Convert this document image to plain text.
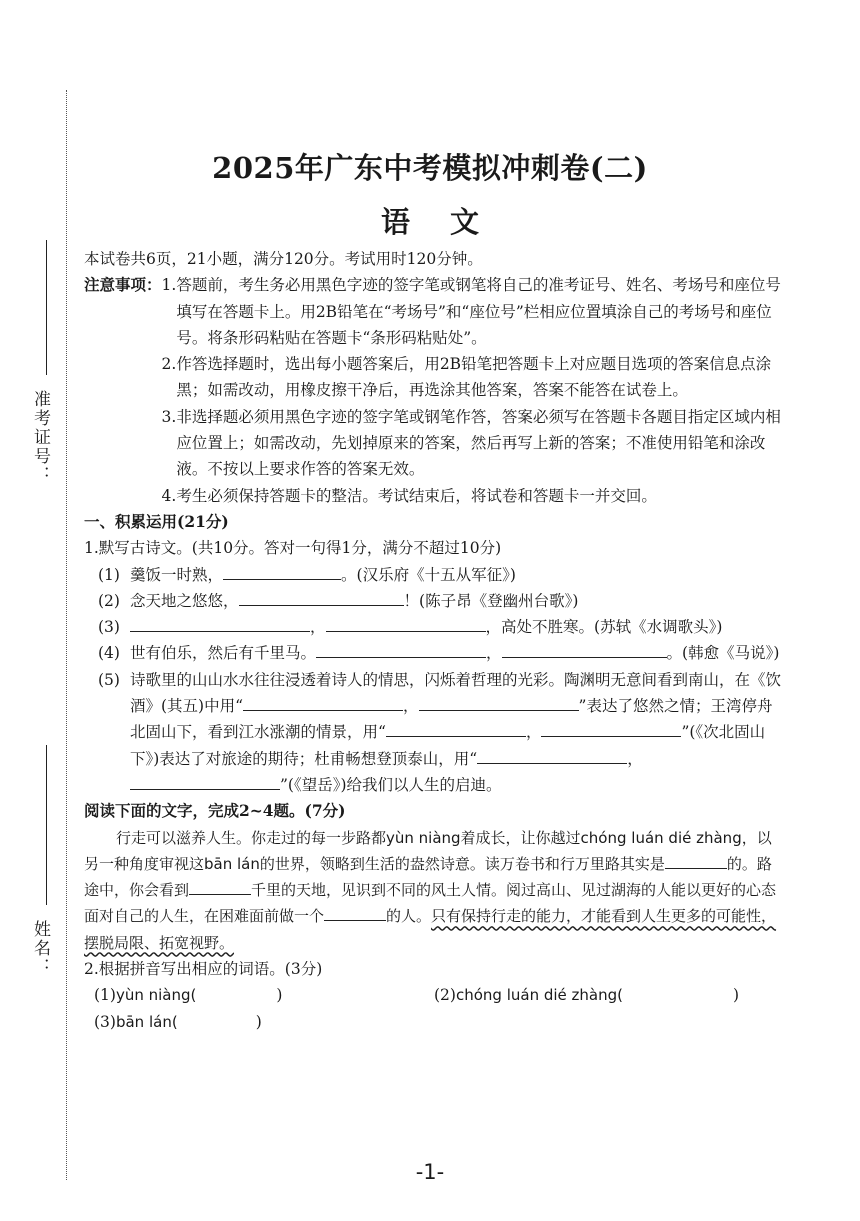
准考证号：
姓名：
2025年广东中考模拟冲刺卷(二)
语文

本试卷共6页，21小题，满分120分。考试用时120分钟。

注意事项： 1. 答题前，考生务必用黑色字迹的签字笔或钢笔将自己的准考证号、姓名、考场号和座位号填写在答题卡上。用2B铅笔在“考场号”和“座位号”栏相应位置填涂自己的考场号和座位号。将条形码粘贴在答题卡“条形码粘贴处”。
2. 作答选择题时，选出每小题答案后，用2B铅笔把答题卡上对应题目选项的答案信息点涂黑；如需改动，用橡皮擦干净后，再选涂其他答案，答案不能答在试卷上。
3. 非选择题必须用黑色字迹的签字笔或钢笔作答，答案必须写在答题卡各题目指定区域内相应位置上；如需改动，先划掉原来的答案，然后再写上新的答案；不准使用铅笔和涂改液。不按以上要求作答的答案无效。
4. 考生必须保持答题卡的整洁。考试结束后，将试卷和答题卡一并交回。

一、积累运用(21分)

1.默写古诗文。(共10分。答对一句得1分，满分不超过10分)

(1) 羹饭一时熟，	。(汉乐府《十五从军征》)
(2) 念天地之悠悠，	！(陈子昂《登幽州台歌》)
(3)	，	，高处不胜寒。(苏轼《水调歌头》)
(4) 世有伯乐，然后有千里马。	，	。(韩愈《马说》)
(5) 诗歌里的山山水水往往浸透着诗人的情思，闪烁着哲理的光彩。陶渊明无意间看到南山，在《饮酒》(其五)中用“	，	”表达了悠然之情；王湾停舟北固山下，看到江水涨潮的情景，用“	，	”(《次北固山下》)表达了对旅途的期待；杜甫畅想登顶泰山，用“	，”(《望岳》)给我们以人生的启迪。

阅读下面的文字，完成2~4题。(7分)

行走可以滋养人生。你走过的每一步路都yùn niàng着成长，让你越过chóng luán dié zhàng，以另一种角度审视这bān lán的世界，领略到生活的盎然诗意。读万卷书和行万里路其实是	的。路途中，你会看到	千里的天地，见识到不同的风土人情。阅过高山、见过湖海的人能以更好的心态面对自己的人生，在困难面前做一个	的人。只有保持行走的能力，才能看到人生更多的可能性，摆脱局限、拓宽视野。

2.根据拼音写出相应的词语。(3分)

(1)yùn niàng(	)	(2)chóng luán dié zhàng(	)
(3)bān lán(	)
-1-
